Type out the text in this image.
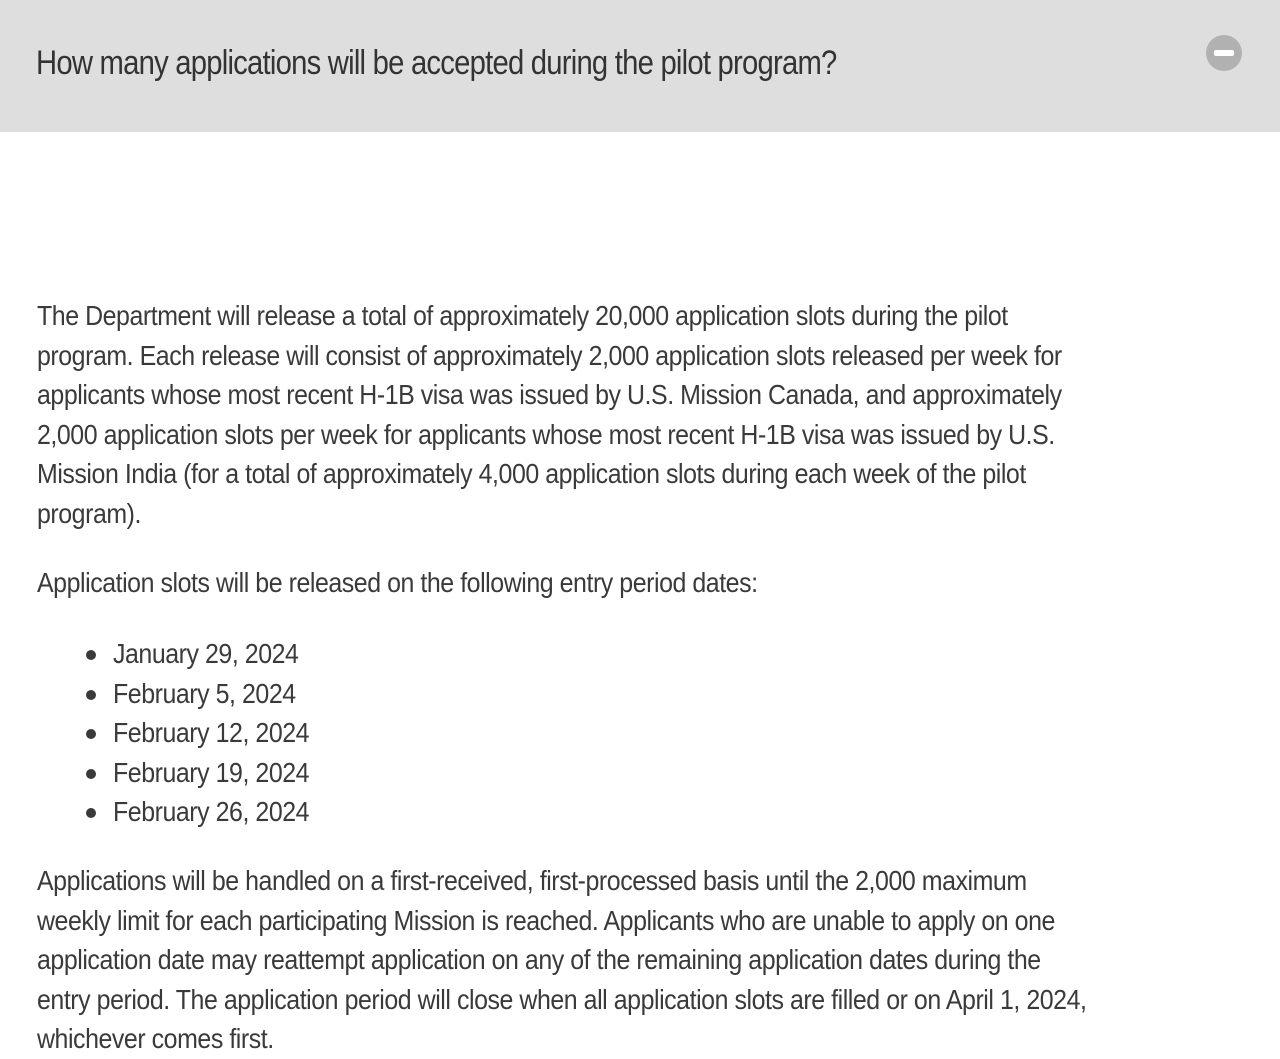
How many applications will be accepted during the pilot program?

The Department will release a total of approximately 20,000 application slots during the pilot
program. Each release will consist of approximately 2,000 application slots released per week for
applicants whose most recent H-1B visa was issued by U.S. Mission Canada, and approximately
2,000 application slots per week for applicants whose most recent H-1B visa was issued by U.S.
Mission India (for a total of approximately 4,000 application slots during each week of the pilot
program).

Application slots will be released on the following entry period dates:

January 29, 2024
February 5, 2024
February 12, 2024
February 19, 2024
February 26, 2024

Applications will be handled on a first-received, first-processed basis until the 2,000 maximum
weekly limit for each participating Mission is reached. Applicants who are unable to apply on one
application date may reattempt application on any of the remaining application dates during the
entry period. The application period will close when all application slots are filled or on April 1, 2024,
whichever comes first.
